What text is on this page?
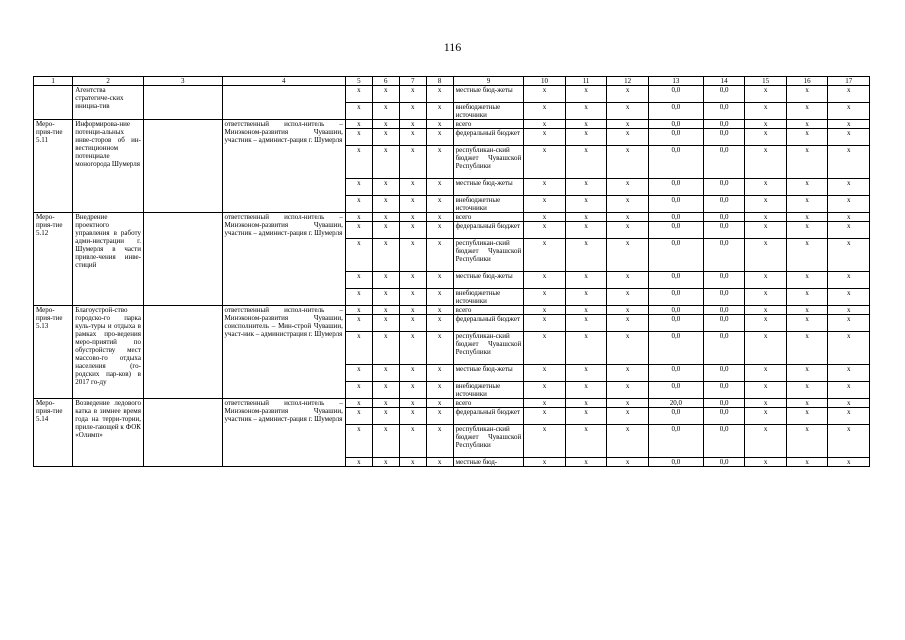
116
1	2	3	4	5	6	7	8	9	10	11	12	13	14	15	16	17
	Агентства стратегиче-ских инициа-тив			х	х	х	х	местные бюд-жеты	х	х	х	0,0	0,0	х	х	х
				х	х	х	х	внебюджетные источники	х	х	х	0,0	0,0	х	х	х
Меро-прия-тие 5.11	Информирова-ние потенци-альных инве-сторов об ин-вестиционном потенциале моногорода Шумерля		ответственный испол-нитель – Минэконом-развития Чувашии, участник – админист-рация г. Шумерля	х	х	х	х	всего	х	х	х	0,0	0,0	х	х	х
				х	х	х	х	федеральный бюджет	х	х	х	0,0	0,0	х	х	х
				х	х	х	х	республикан-ский бюджет Чувашской Республики	х	х	х	0,0	0,0	х	х	х
				х	х	х	х	местные бюд-жеты	х	х	х	0,0	0,0	х	х	х
				х	х	х	х	внебюджетные источники	х	х	х	0,0	0,0	х	х	х
Меро-прия-тие 5.12	Внедрение проектного управления в работу адми-нистрации г. Шумерля в части привле-чения инве-стиций		ответственный испол-нитель – Минэконом-развития Чувашии, участник – админист-рация г. Шумерля	х	х	х	х	всего	х	х	х	0,0	0,0	х	х	х
				х	х	х	х	федеральный бюджет	х	х	х	0,0	0,0	х	х	х
				х	х	х	х	республикан-ский бюджет Чувашской Республики	х	х	х	0,0	0,0	х	х	х
				х	х	х	х	местные бюд-жеты	х	х	х	0,0	0,0	х	х	х
				х	х	х	х	внебюджетные источники	х	х	х	0,0	0,0	х	х	х
Меро-прия-тие 5.13	Благоустрой-ство городско-го парка куль-туры и отдыха в рамках про-ведения меро-приятий по обустройству мест массово-го отдыха населения (го-родских пар-ков) в 2017 го-ду		ответственный испол-нитель – Минэконом-развития Чувашии, соисполнитель – Мин-строй Чувашии, участ-ник – администрация г. Шумерля	х	х	х	х	всего	х	х	х	0,0	0,0	х	х	х
				х	х	х	х	федеральный бюджет	х	х	х	0,0	0,0	х	х	х
				х	х	х	х	республикан-ский бюджет Чувашской Республики	х	х	х	0,0	0,0	х	х	х
				х	х	х	х	местные бюд-жеты	х	х	х	0,0	0,0	х	х	х
				х	х	х	х	внебюджетные источники	х	х	х	0,0	0,0	х	х	х
Меро-прия-тие 5.14	Возведение ледового катка в зимнее время года на терри-тории, приле-гающей к ФОК «Олимп»		ответственный испол-нитель – Минэконом-развития Чувашии, участник – админист-рация г. Шумерля	х	х	х	х	всего	х	х	х	20,0	0,0	х	х	х
				х	х	х	х	федеральный бюджет	х	х	х	0,0	0,0	х	х	х
				х	х	х	х	республикан-ский бюджет Чувашской Республики	х	х	х	0,0	0,0	х	х	х
				х	х	х	х	местные бюд-	х	х	х	0,0	0,0	х	х	х
